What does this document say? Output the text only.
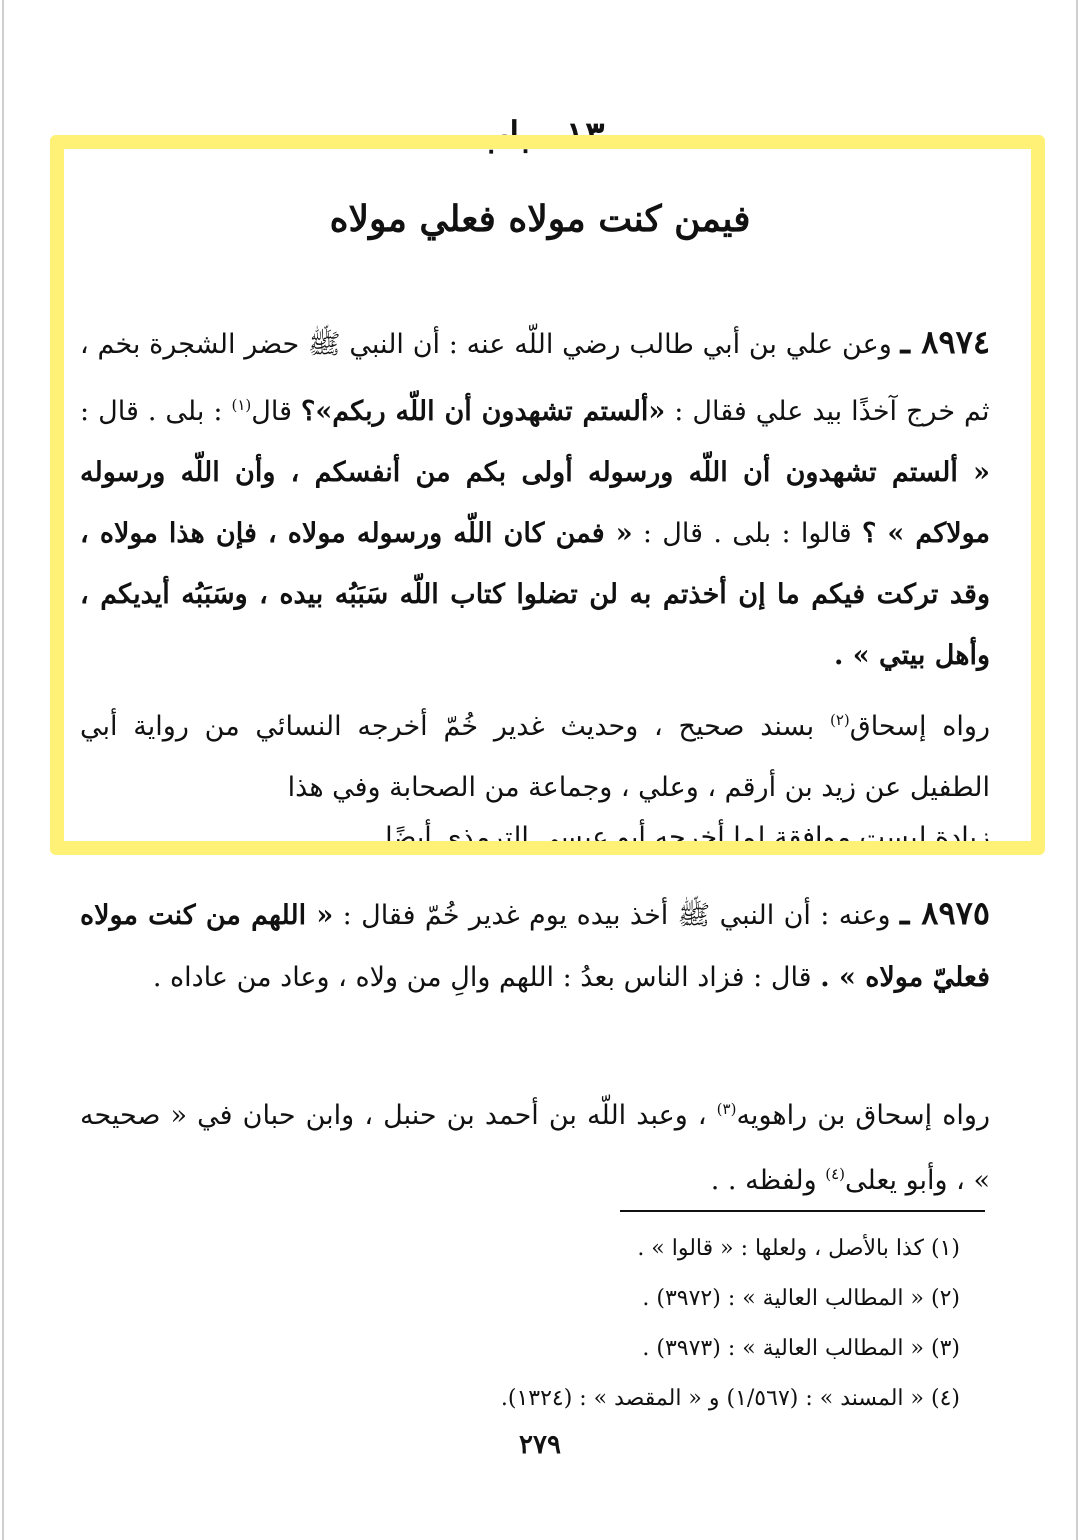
١٣ ـ باب
فيمن كنت مولاه فعلي مولاه

٨٩٧٤ ـ وعن علي بن أبي طالب رضي اللّه عنه : أن النبي ﷺ حضر الشجرة بخم ، ثم خرج آخذًا بيد علي فقال : «ألستم تشهدون أن اللّه ربكم»؟ قال$^{(١)}$ : بلى . قال : « ألستم تشهدون أن اللّه ورسوله أولى بكم من أنفسكم ، وأن اللّه ورسوله مولاكم » ؟ قالوا : بلى . قال : « فمن كان اللّه ورسوله مولاه ، فإن هذا مولاه ، وقد تركت فيكم ما إن أخذتم به لن تضلوا كتاب اللّه سَبَبُه بيده ، وسَبَبُه أيديكم ، وأهل بيتي » .

رواه إسحاق$^{(٢)}$ بسند صحيح ، وحديث غدير خُمّ أخرجه النسائي من رواية أبي الطفيل عن زيد بن أرقم ، وعلي ، وجماعة من الصحابة وفي هذا

زيادة ليست موافقة لما أخرجه أبو عيسى الترمذي أيضًا

٨٩٧٥ ـ وعنه : أن النبي ﷺ أخذ بيده يوم غدير خُمّ فقال : « اللهم من كنت مولاه فعليّ مولاه » . قال : فزاد الناس بعدُ : اللهم والِ من ولاه ، وعاد من عاداه .

رواه إسحاق بن راهويه$^{(٣)}$ ، وعبد اللّه بن أحمد بن حنبل ، وابن حبان في « صحيحه » ، وأبو يعلى$^{(٤)}$ ولفظه . .

(١) كذا بالأصل ، ولعلها : « قالوا » .
(٢) « المطالب العالية » : (٣٩٧٢) .
(٣) « المطالب العالية » : (٣٩٧٣) .
(٤) « المسند » : (١/٥٦٧) و « المقصد » : (١٣٢٤).
٢٧٩
